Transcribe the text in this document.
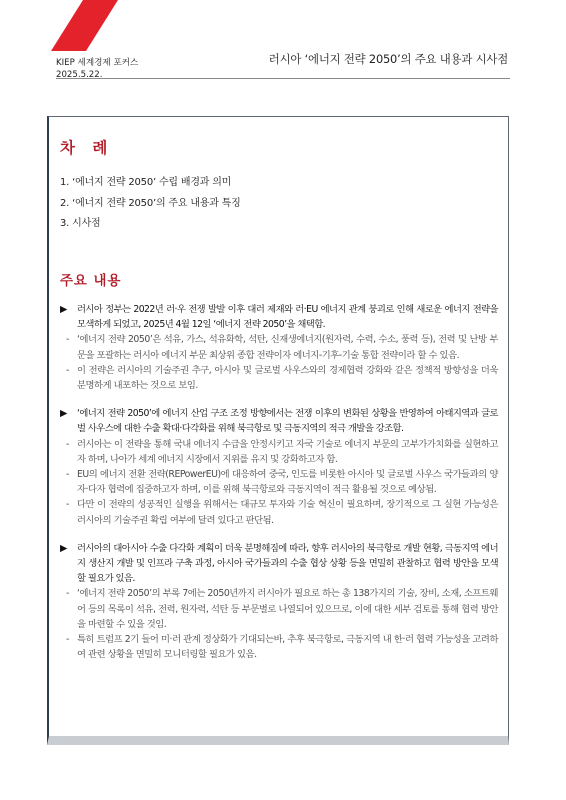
KIEP 세계경제 포커스
2025.5.22.
러시아 ‘에너지 전략 2050’의 주요 내용과 시사점
차 례
1. ‘에너지 전략 2050’ 수립 배경과 의미
2. ‘에너지 전략 2050’의 주요 내용과 특징
3. 시사점
주요 내용
▶	러시아 정부는 2022년 러·우 전쟁 발발 이후 대러 제재와 러·EU 에너지 관계 붕괴로 인해 새로운 에너지 전략을 모색하게 되었고, 2025년 4월 12일 ‘에너지 전략 2050’을 채택함.
- ‘에너지 전략 2050’은 석유, 가스, 석유화학, 석탄, 신재생에너지(원자력, 수력, 수소, 풍력 등), 전력 및 난방 부문을 포괄하는 러시아 에너지 부문 최상위 종합 전략이자 에너지-기후-기술 통합 전략이라 할 수 있음.
- 이 전략은 러시아의 기술주권 추구, 아시아 및 글로벌 사우스와의 경제협력 강화와 같은 정책적 방향성을 더욱 분명하게 내포하는 것으로 보임.
▶	‘에너지 전략 2050’에 에너지 산업 구조 조정 방향에서는 전쟁 이후의 변화된 상황을 반영하여 아태지역과 글로벌 사우스에 대한 수출 확대·다각화를 위해 북극항로 및 극동지역의 적극 개발을 강조함.
- 러시아는 이 전략을 통해 국내 에너지 수급을 안정시키고 자국 기술로 에너지 부문의 고부가가치화를 실현하고자 하며, 나아가 세계 에너지 시장에서 지위를 유지 및 강화하고자 함.
- EU의 에너지 전환 전략(REPowerEU)에 대응하여 중국, 인도를 비롯한 아시아 및 글로벌 사우스 국가들과의 양자·다자 협력에 집중하고자 하며, 이를 위해 북극항로와 극동지역이 적극 활용될 것으로 예상됨.
- 다만 이 전략의 성공적인 실행을 위해서는 대규모 투자와 기술 혁신이 필요하며, 장기적으로 그 실현 가능성은 러시아의 기술주권 확립 여부에 달려 있다고 판단됨.
▶	러시아의 대아시아 수출 다각화 계획이 더욱 분명해짐에 따라, 향후 러시아의 북극항로 개발 현황, 극동지역 에너지 생산지 개발 및 인프라 구축 과정, 아시아 국가들과의 수출 협상 상황 등을 면밀히 관찰하고 협력 방안을 모색할 필요가 있음.
- ‘에너지 전략 2050’의 부록 7에는 2050년까지 러시아가 필요로 하는 총 138가지의 기술, 장비, 소재, 소프트웨어 등의 목록이 석유, 전력, 원자력, 석탄 등 부문별로 나열되어 있으므로, 이에 대한 세부 검토를 통해 협력 방안을 마련할 수 있을 것임.
- 특히 트럼프 2기 들어 미·러 관계 정상화가 기대되는바, 추후 북극항로, 극동지역 내 한·러 협력 가능성을 고려하여 관련 상황을 면밀히 모니터링할 필요가 있음.
